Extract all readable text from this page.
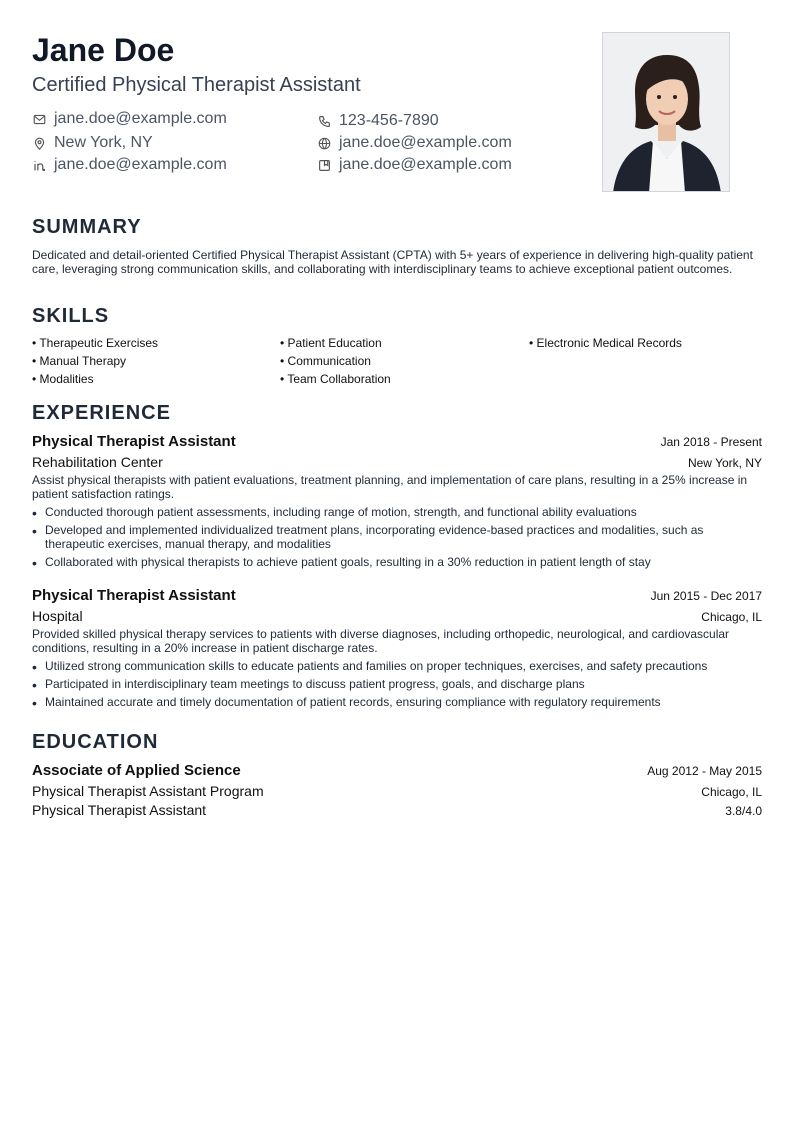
Jane Doe
Certified Physical Therapist Assistant
jane.doe@example.com	123-456-7890
New York, NY	jane.doe@example.com
jane.doe@example.com	jane.doe@example.com
SUMMARY
Dedicated and detail-oriented Certified Physical Therapist Assistant (CPTA) with 5+ years of experience in delivering high-quality patient care, leveraging strong communication skills, and collaborating with interdisciplinary teams to achieve exceptional patient outcomes.
SKILLS
• Therapeutic Exercises	• Patient Education	• Electronic Medical Records
• Manual Therapy	• Communication
• Modalities	• Team Collaboration
EXPERIENCE
Physical Therapist Assistant	Jan 2018 - Present
Rehabilitation Center	New York, NY
Assist physical therapists with patient evaluations, treatment planning, and implementation of care plans, resulting in a 25% increase in patient satisfaction ratings.
• Conducted thorough patient assessments, including range of motion, strength, and functional ability evaluations
• Developed and implemented individualized treatment plans, incorporating evidence-based practices and modalities, such as therapeutic exercises, manual therapy, and modalities
• Collaborated with physical therapists to achieve patient goals, resulting in a 30% reduction in patient length of stay
Physical Therapist Assistant	Jun 2015 - Dec 2017
Hospital	Chicago, IL
Provided skilled physical therapy services to patients with diverse diagnoses, including orthopedic, neurological, and cardiovascular conditions, resulting in a 20% increase in patient discharge rates.
• Utilized strong communication skills to educate patients and families on proper techniques, exercises, and safety precautions
• Participated in interdisciplinary team meetings to discuss patient progress, goals, and discharge plans
• Maintained accurate and timely documentation of patient records, ensuring compliance with regulatory requirements
EDUCATION
Associate of Applied Science	Aug 2012 - May 2015
Physical Therapist Assistant Program	Chicago, IL
Physical Therapist Assistant	3.8/4.0
